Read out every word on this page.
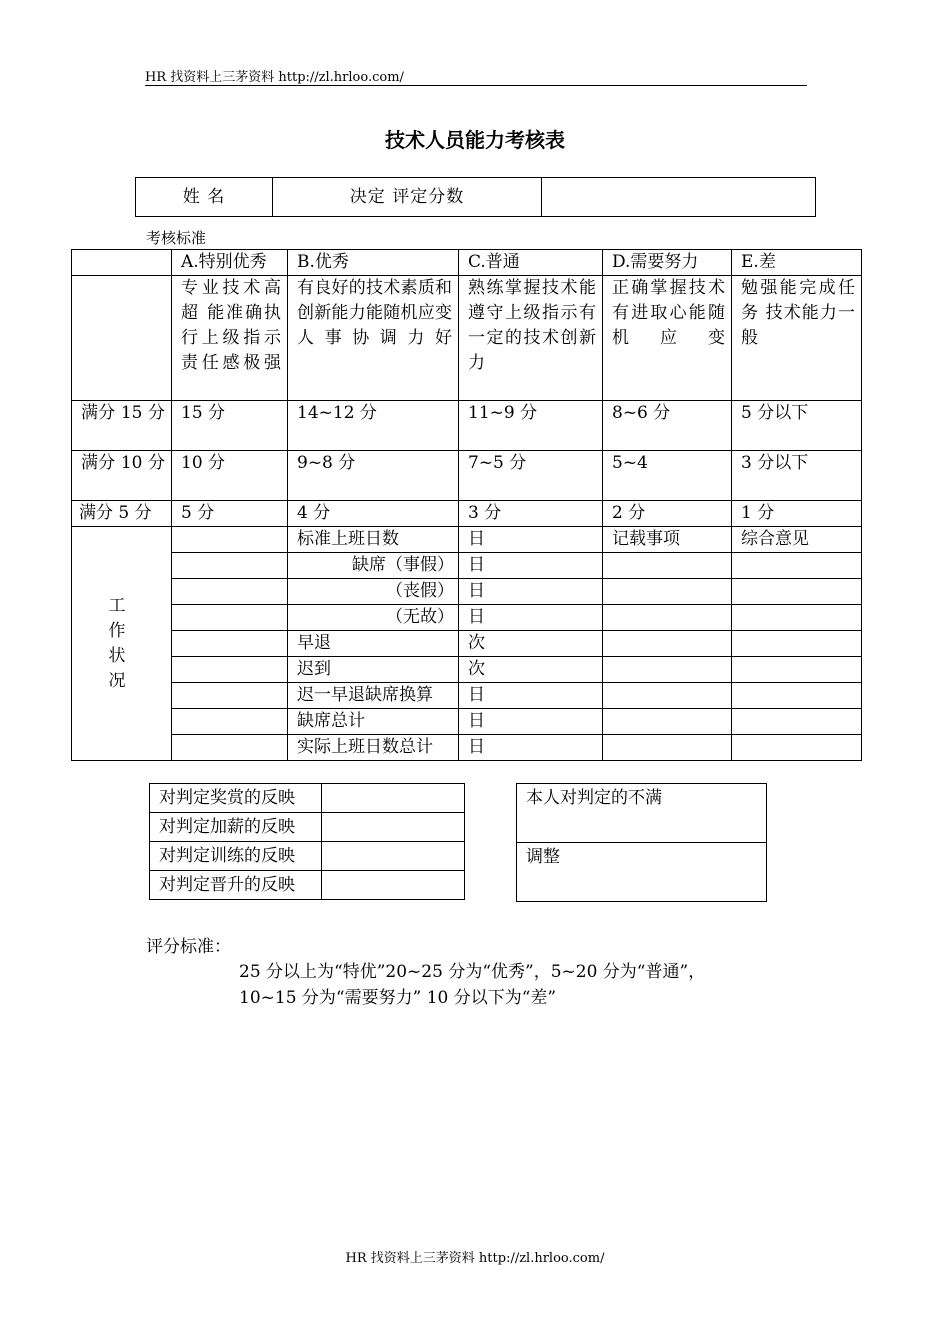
HR 找资料上三茅资料 http://zl.hrloo.com/
技术人员能力考核表
姓 名	决定 评定分数	
考核标准
	A.特别优秀	B.优秀	C.普通	D.需要努力	E.差
	专业技术高超 能准确执行上级指示责任感极强	有良好的技术素质和创新能力能随机应变人事协调力好	熟练掌握技术能遵守上级指示有一定的技术创新力	正确掌握技术 有进取心能随机应变	勉强能完成任务 技术能力一般
满分 15 分	15 分	14~12 分	11~9 分	8~6 分	5 分以下
满分 10 分	10 分	9~8 分	7~5 分	5~4	3 分以下
满分 5 分	5 分	4 分	3 分	2 分	1 分
工 作 状 况		标准上班日数	日	记载事项	综合意见
		缺席（事假）	日		
		（丧假）	日		
		（无故）	日		
		早退	次		
		迟到	次		
		迟一早退缺席换算	日		
		缺席总计	日		
		实际上班日数总计	日		
对判定奖赏的反映	
对判定加薪的反映	
对判定训练的反映	
对判定晋升的反映	
本人对判定的不满
调整
评分标准：
25 分以上为“特优”20~25 分为“优秀”，5~20 分为“普通”，
10~15 分为“需要努力” 10 分以下为“差”
HR 找资料上三茅资料 http://zl.hrloo.com/
